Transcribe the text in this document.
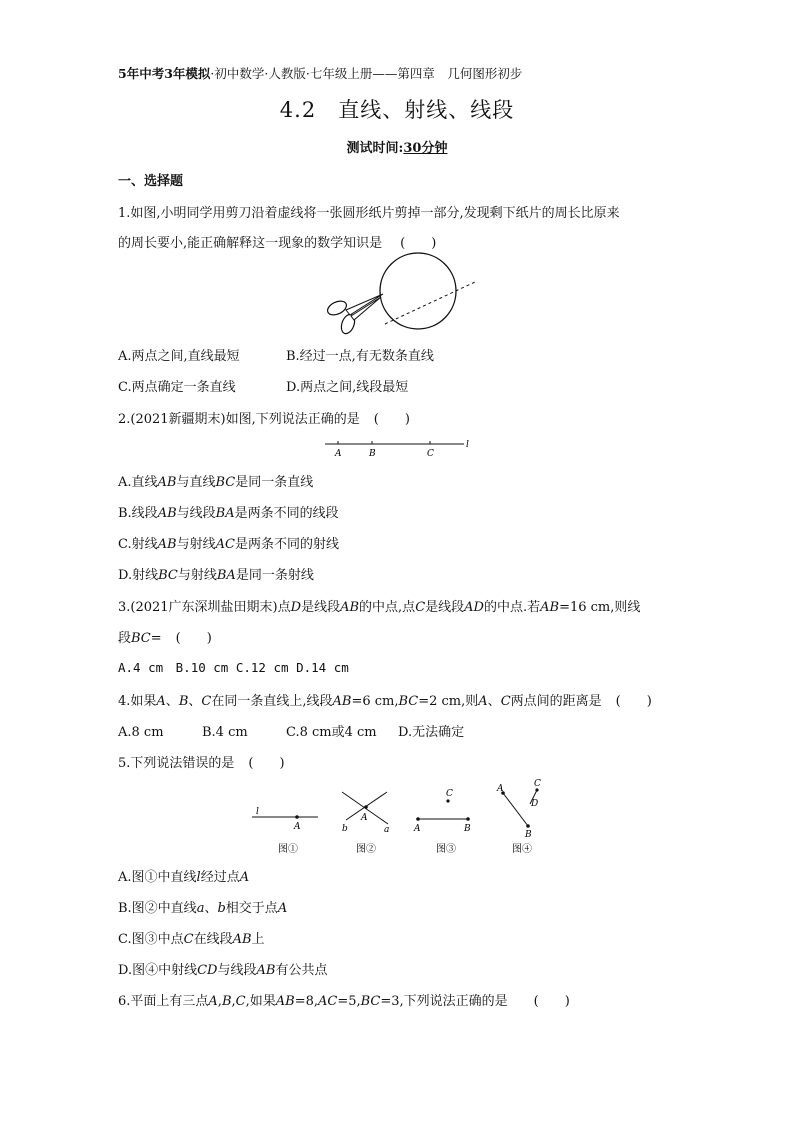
5年中考3年模拟·初中数学·人教版·七年级上册——第四章　几何图形初步
4.2　直线、射线、线段
测试时间:30分钟
一、选择题
1.如图,小明同学用剪刀沿着虚线将一张圆形纸片剪掉一部分,发现剩下纸片的周长比原来
的周长要小,能正确解释这一现象的数学知识是 (　　)
A.两点之间,直线最短	B.经过一点,有无数条直线
C.两点确定一条直线	D.两点之间,线段最短
2.(2021新疆期末)如图,下列说法正确的是 (　　)
A	B	C
l
A.直线AB与直线BC是同一条直线
B.线段AB与线段BA是两条不同的线段
C.射线AB与射线AC是两条不同的射线
D.射线BC与射线BA是同一条射线
3.(2021广东深圳盐田期末)点D是线段AB的中点,点C是线段AD的中点.若AB=16 cm,则线
段BC= (　　)
A.4 cm　B.10 cm C.12 cm D.14 cm
4.如果A、B、C在同一条直线上,线段AB=6 cm,BC=2 cm,则A、C两点间的距离是 (　　)
A.8 cm	B.4 cm	C.8 cm或4 cm D.无法确定
5.下列说法错误的是 (　　)
l
A
图①
b
A
a
图②
C
A	B
图③
A	C
D
B
图④
A.图①中直线l经过点A
B.图②中直线a、b相交于点A
C.图③中点C在线段AB上
D.图④中射线CD与线段AB有公共点
6.平面上有三点A,B,C,如果AB=8,AC=5,BC=3,下列说法正确的是 (　　)
